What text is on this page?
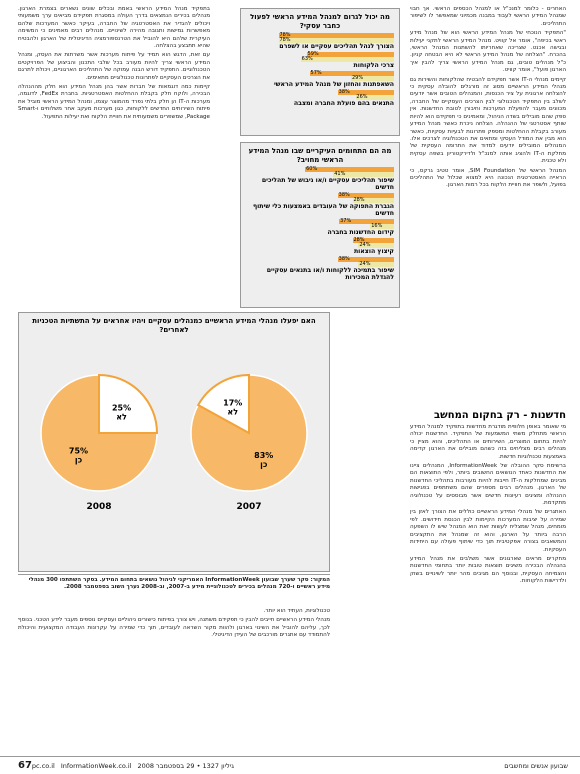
האחרים - כלומר למנכ"ל או למנהל הכספים הראשי. אך חבוי שמנהל המידע הראשי לעבוד במבנה מכמיוני שמאפשר לו לשיפור התהליכים.

"התפקיד הנוכחי של מנהל המידע הראשי הוא של מנהל מידע ראשי בכיפה", אומר אל קוויט. מנהל המידע הראשי לתקני יעילות ובגישה אכנט. שצריכה שאחריותו להשתנות המנהל הראשי, בהכרח. "הצלחה של מנהל המידע הראשי לא היא הבטחה קניון. כ"ל מנהלים טובים, גם מנהל המידע הראשי צריך להבין איך הארגון פועל", אומר קוויט.

קיימים מנהלי ה-IT אשר תפקידם להבטיח שהלקוחות והשירות גם מנהלי המידע הראשיים מסוג זה מורגלים להובלה עסקית כי להצלחה ארגונית על ציר הכנסות, והמנהלים הטובים אשר יודעים לשלב בין התפקיד הטכנולוגי לבין הצרכים העסקיים של החברה, מכוונים מעבר להפעלת המערכות וחיבורן לטובת החדשנות. אין ספק שהם מובילים בשדה הניהול, ומאמינים כי תפקידם הוא להיות שותף אסטרטגי של ההנהלה. הצלחה ניכרת כאשר מנהל המידע מעורב בקבלת ההחלטות ומספק פתרונות לבעיות עסקיות, כאשר הוא מבין את המודל העסקי ומתאים את הטכנולוגיה לצרכים אלו. המנהלים המובילים יודעים למדוד את התרומה העסקית של מחלקת ה-IT ולהציג אותה למנכ"ל ולדירקטוריון בשפה עסקית ולא טכנית.

המנהל הראשי של SIM Foundation, אומר טטיב גרקס, כי הראייה האסטרטגית הנכונה היא למצוא שכלול של התהליכים בפועל, ולשפר את חוויית הלקוח בכל רמות הארגון.

חדשנות - רק בחקום המחשב

מי שאומר באופן חלופית מודגרת מחדשות בתפקיד למנהל המידע הראשי מתחלק משתי המשמעות של התפקיד. החדשנות יכולה להיות בתחום המוצרים, השירותים או התהליכים, והוא מציין כי מנהלים רבים מצליחים בזה כשהם מובילים את הארגון קדימה באמצעות טכנולוגיות חדשות.

ברשימת סקר ההובלה של InformationWeek, המנהלים ציינו את החדשנות כאחד הנושאים החשובים ביותר, ולפי התוצאות הם מבינים שמחלקות ה-IT חייבות להיות מעורבות בתהליכי החדשנות של הארגון. מנהלים רבים מספרים שהם משתתפים בפגישות ההנהלה ומציגים רעיונות חדשים אשר מבוססים על טכנולוגיה מתקדמת.

האתגרים של מנהלי המידע הראשיים כוללים את הצורך לאזן בין שמירה על יציבות המערכות הקיימות לבין הכנסת חידושים. לפי מומחים, מנהל שמצליח לעשות זאת הוא המנהל שיש לו השפעה הרבה ביותר על הארגון, והוא זה שמנהל את התקציבים והמשאבים בצורה אפקטיבית תוך כדי שיתוף פעולה עם היחידות העסקיות.

מחקרים מראים שארגונים אשר משלבים את מנהל המידע בהנהלה הבכירה משיגים תוצאות טובות יותר בתחומי החדשנות והצמיחה העסקית, ובנוסף הם מגיבים מהר יותר לשינויים בשוק ולדרישות הלקוחות.

מה יכול לגרום למנהל המידע הראשי לפעול כחבר עסקי?
78%
78%
הצורך לנהל תהליכים עסקיים או לשפרם
59%
63%
צרכי הלקוחות
57%
29%
השאפתנות והחזון של מנהל המידע הראשי
38%
26%
התנאים בהם פועלת החברה ומצבה
מה הם התחומים העיקריים שבו מנהל המידע הראשי מחויב?
60%
41%
שיפור תהליכים עסקיים ו/או גיבוש של תהליכים חדשים
38%
28%
הגברת התפוקה של העובדים באמצעות כלי שיתוף חדשים
37%
16%
קידום החדשנות בחברה
28%
24%
קיצוץ הוצאות
38%
24%
שיפור בתמיכה ללקוחות ו/או בתנאים עסקיים להגדלת המכירות

בתפקיד מנהל המידע הראשי באמת ובכלים שונים נשארים בצמרת הארגון. מנהלים בכירים הנמצאים בדרך העולה במסגרת תפקידם מביאים ערך משמעותי ויכולים להגדיר את האסטרטגיה של החברה, בעיקר כאשר המערכות שלהם מאפשרות גמישות ותגובה מהירה לשינויים. מנהלים רבים מאמינים כי המשימה העיקרית שלהם היא להוביל את הטרנספורמציה הדיגיטלית של הארגון ולהבטיח שהיא תתבצע בהצלחה.

עם זאת, הדגש הוא תמיד על פיתוח מערכות אשר משרתות את העסק, ומנהל המידע הראשי צריך להיות מעורב בכל שלבי התכנון והביצוע של הפרויקטים הטכנולוגיים. התפקיד דורש הבנה עמוקה של התהליכים הארגוניים, ויכולת לתרגם את הצרכים העסקיים לפתרונות טכנולוגיים מתאימים.

קיימות כמה דוגמאות של חברות אשר בהן מנהל המידע הוא חלק מההנהלה הבכירה, ולוקח חלק בקבלת ההחלטות האסטרטגיות. בחברת FedEx, לדוגמה, מערכות ה-IT הן חלק בלתי נפרד מהמוצר עצמו, ומנהל המידע הראשי מוביל את פיתוח השירותים החדשים ללקוחות, כגון מערכות מעקב אחר משלוחים ו-Smart Package, שמשפרים משמעותית את חוויית הלקוח ואת יעילות התפעול.

האם יפעלו מנהלי המידע הראשיים כמנהלים עסקיים ויהיו אחראים על התשתיות הטכניות לאחרים?
25%
לא
75%
כן
2008
17%
לא
83%
כן
2007
המקור: סקר שערך שבועון InformationWeek האמריקני לניהול נושאים בתחום המידע. בסקר השתתפו 300 מנהלי מידע ראשיים ו-720 מנהלים בכירים לטכנולוגיית מידע ב-2007, וב-2008 נערך השוב בספטמבר 2008.

טכנולוגיות, העתיד הוא יותר.

מנהלי המידע הראשיים חייבים להבין כי תפקידם משתנה, ויש צורך בפיתוח כישורים ניהוליים ועסקיים נוספים מעבר לידע הטכני. בנוסף לכך, עליהם להוביל את השינוי בארגון ולהוות מקור השראה לעובדים, תוך כדי שמירה על עקרונות העבודה המקצועית והיכולת להתמודד עם אתגרים מורכבים של העידן הדיגיטלי.

67 pc.co.il InformationWeek.co.il גיליון 1327 • 29 בספטמבר 2008	שבועון אנשים ומחשבים
